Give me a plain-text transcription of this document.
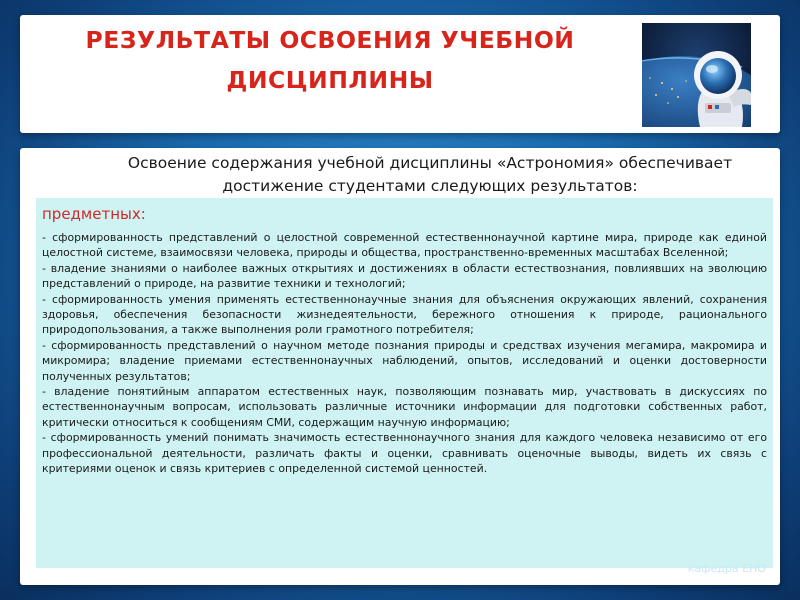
РЕЗУЛЬТАТЫ ОСВОЕНИЯ УЧЕБНОЙ
ДИСЦИПЛИНЫ
Освоение содержания учебной дисциплины «Астрономия» обеспечивает достижение студентами следующих результатов:
предметных:

- сформированность представлений о целостной современной естественнонаучной картине мира, природе как единой целостной системе, взаимосвязи человека, природы и общества, пространственно-временных масштабах Вселенной;

- владение знаниями о наиболее важных открытиях и достижениях в области естествознания, повлиявших на эволюцию представлений о природе, на развитие техники и технологий;

- сформированность умения применять естественнонаучные знания для объяснения окружающих явлений, сохранения здоровья, обеспечения безопасности жизнедеятельности, бережного отношения к природе, рационального природопользования, а также выполнения роли грамотного потребителя;

- сформированность представлений о научном методе познания природы и средствах изучения мегамира, макромира и микромира; владение приемами естественнонаучных наблюдений, опытов, исследований и оценки достоверности полученных результатов;

- владение понятийным аппаратом естественных наук, позволяющим познавать мир, участвовать в дискуссиях по естественнонаучным вопросам, использовать различные источники информации для подготовки собственных работ, критически относиться к сообщениям СМИ, содержащим научную информацию;

- сформированность умений понимать значимость естественнонаучного знания для каждого человека независимо от его профессиональной деятельности, различать факты и оценки, сравнивать оценочные выводы, видеть их связь с критериями оценок и связь критериев с определенной системой ценностей.

кафедра ЕНО
